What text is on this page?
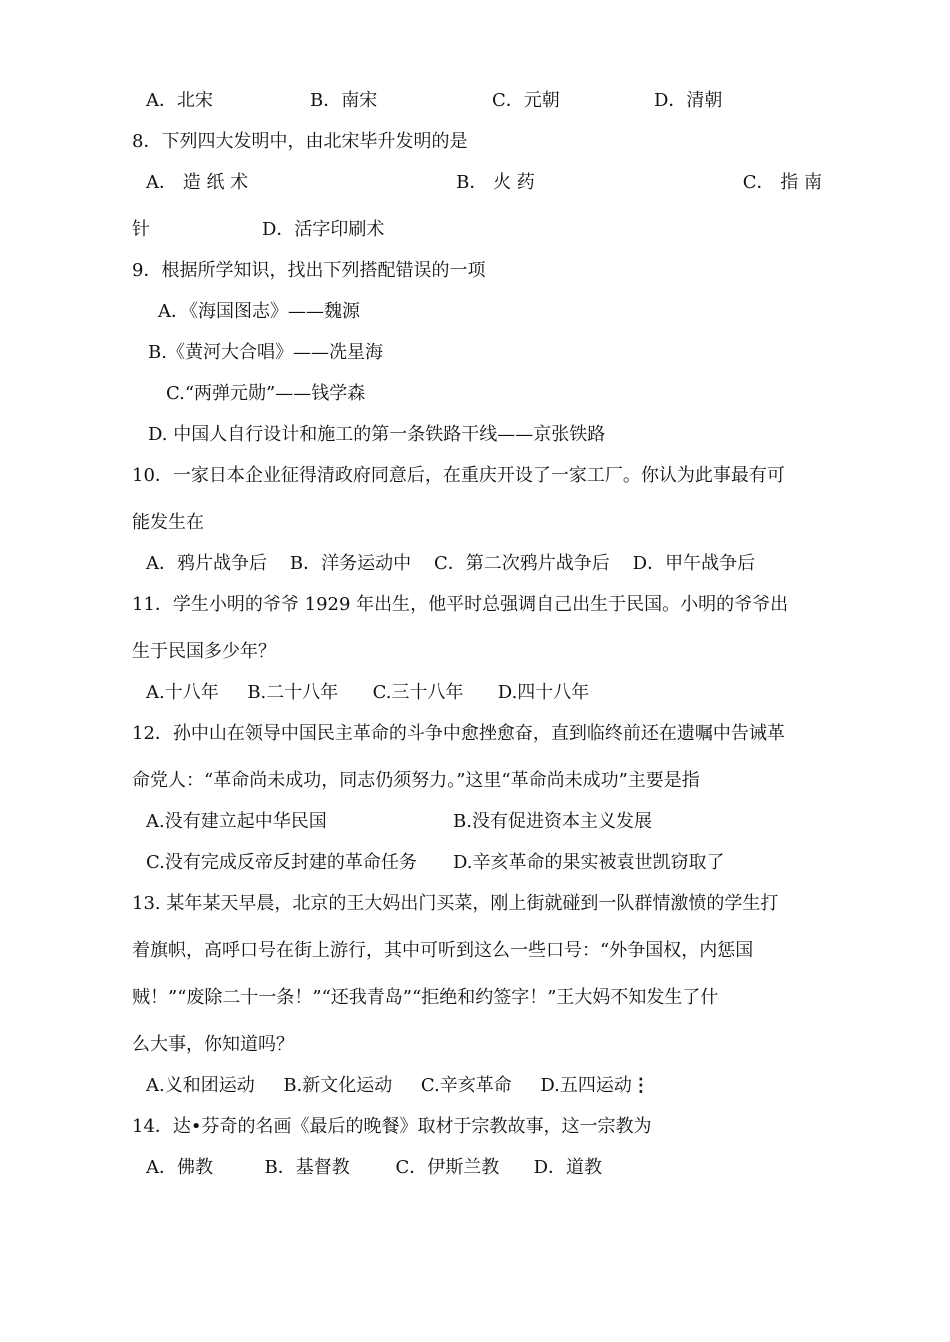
A．北宋	B．南宋	C．元朝	D．清朝
8．下列四大发明中，由北宋毕升发明的是
A． 造 纸 术	B． 火 药	C． 指 南
针	D．活字印刷术
9．根据所学知识，找出下列搭配错误的一项
A．《海国图志》——魏源
B.《黄河大合唱》——冼星海
C.“两弹元勋”——钱学森
D. 中国人自行设计和施工的第一条铁路干线——京张铁路
10．一家日本企业征得清政府同意后，在重庆开设了一家工厂。你认为此事最有可
能发生在
A．鸦片战争后    B．洋务运动中    C．第二次鸦片战争后    D．甲午战争后
11．学生小明的爷爷 1929 年出生，他平时总强调自己出生于民国。小明的爷爷出
生于民国多少年？
A.十八年     B.二十八年      C.三十八年      D.四十八年
12．孙中山在领导中国民主革命的斗争中愈挫愈奋，直到临终前还在遗嘱中告诫革
命党人：“革命尚未成功，同志仍须努力。”这里“革命尚未成功”主要是指
A.没有建立起中华民国	B.没有促进资本主义发展
C.没有完成反帝反封建的革命任务 D.辛亥革命的果实被袁世凯窃取了
13. 某年某天早晨，北京的王大妈出门买菜，刚上街就碰到一队群情激愤的学生打
着旗帜，高呼口号在街上游行，其中可听到这么一些口号：“外争国权，内惩国
贼！”“废除二十一条！”“还我青岛”“拒绝和约签字！”王大妈不知发生了什
么大事，你知道吗？
A.义和团运动     B.新文化运动     C.辛亥革命     D.五四运动⋮
14．达•芬奇的名画《最后的晚餐》取材于宗教故事，这一宗教为
A．佛教         B．基督教        C．伊斯兰教      D．道教
